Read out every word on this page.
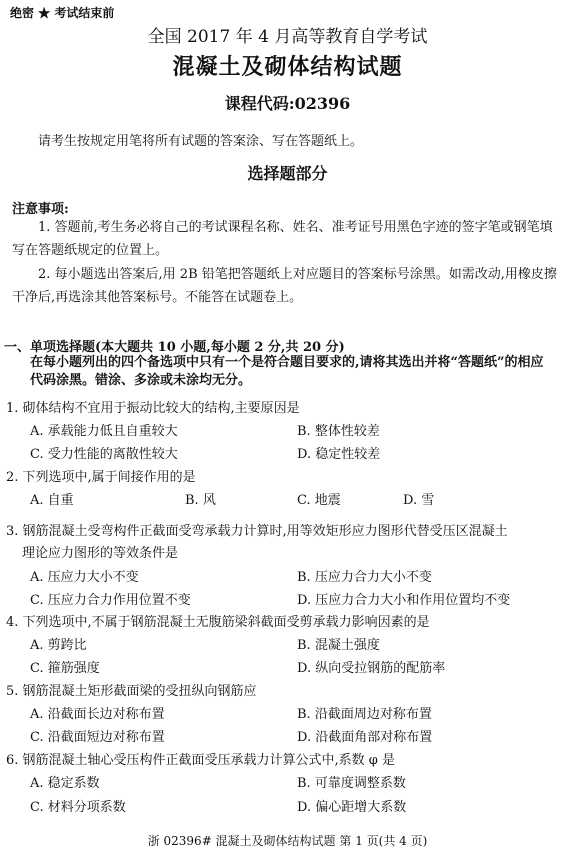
绝密 ★ 考试结束前
全国 2017 年 4 月高等教育自学考试
混凝土及砌体结构试题
课程代码:02396
请考生按规定用笔将所有试题的答案涂、写在答题纸上。
选择题部分
注意事项:
1. 答题前,考生务必将自己的考试课程名称、姓名、准考证号用黑色字迹的签字笔或钢笔填写在答题纸规定的位置上。
2. 每小题选出答案后,用 2B 铅笔把答题纸上对应题目的答案标号涂黑。如需改动,用橡皮擦干净后,再选涂其他答案标号。不能答在试题卷上。
一、单项选择题(本大题共 10 小题,每小题 2 分,共 20 分)
在每小题列出的四个备选项中只有一个是符合题目要求的,请将其选出并将“答题纸”的相应代码涂黑。错涂、多涂或未涂均无分。
1. 砌体结构不宜用于振动比较大的结构,主要原因是
A. 承载能力低且自重较大	B. 整体性较差
C. 受力性能的离散性较大	D. 稳定性较差
2. 下列选项中,属于间接作用的是
A. 自重	B. 风	C. 地震	D. 雪
3. 钢筋混凝土受弯构件正截面受弯承载力计算时,用等效矩形应力图形代替受压区混凝土
理论应力图形的等效条件是
A. 压应力大小不变	B. 压应力合力大小不变
C. 压应力合力作用位置不变	D. 压应力合力大小和作用位置均不变
4. 下列选项中,不属于钢筋混凝土无腹筋梁斜截面受剪承载力影响因素的是
A. 剪跨比	B. 混凝土强度
C. 箍筋强度	D. 纵向受拉钢筋的配筋率
5. 钢筋混凝土矩形截面梁的受扭纵向钢筋应
A. 沿截面长边对称布置	B. 沿截面周边对称布置
C. 沿截面短边对称布置	D. 沿截面角部对称布置
6. 钢筋混凝土轴心受压构件正截面受压承载力计算公式中,系数 φ 是
A. 稳定系数	B. 可靠度调整系数
C. 材料分项系数	D. 偏心距增大系数
浙 02396# 混凝土及砌体结构试题 第 1 页(共 4 页)
